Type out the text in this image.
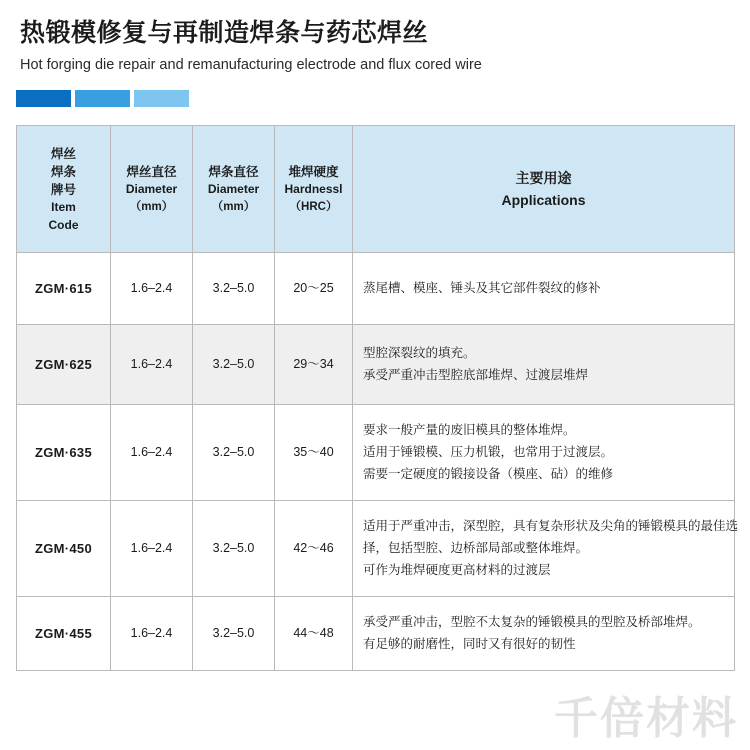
热锻模修复与再制造焊条与药芯焊丝
Hot forging die repair and remanufacturing electrode and flux cored wire
焊丝
焊条
牌号
Item
Code	焊丝直径
Diameter
（mm）	焊条直径
Diameter
（mm）	堆焊硬度
Hardnessl
（HRC）	主要用途
Applications

ZGM·615	1.6–2.4	3.2–5.0	20～25	蒸尾槽、模座、锤头及其它部件裂纹的修补

ZGM·625	1.6–2.4	3.2–5.0	29～34	型腔深裂纹的填充。
承受严重冲击型腔底部堆焊、过渡层堆焊

ZGM·635	1.6–2.4	3.2–5.0	35～40	要求一般产量的废旧模具的整体堆焊。
适用于锤锻模、压力机锻，也常用于过渡层。
需要一定硬度的锻接设备（模座、砧）的维修

ZGM·450	1.6–2.4	3.2–5.0	42～46	适用于严重冲击，深型腔，具有复杂形状及尖角的锤锻模具的最佳选
择，包括型腔、边桥部局部或整体堆焊。
可作为堆焊硬度更高材料的过渡层

ZGM·455	1.6–2.4	3.2–5.0	44～48	承受严重冲击，型腔不太复杂的锤锻模具的型腔及桥部堆焊。
有足够的耐磨性，同时又有很好的韧性
千倍材料
